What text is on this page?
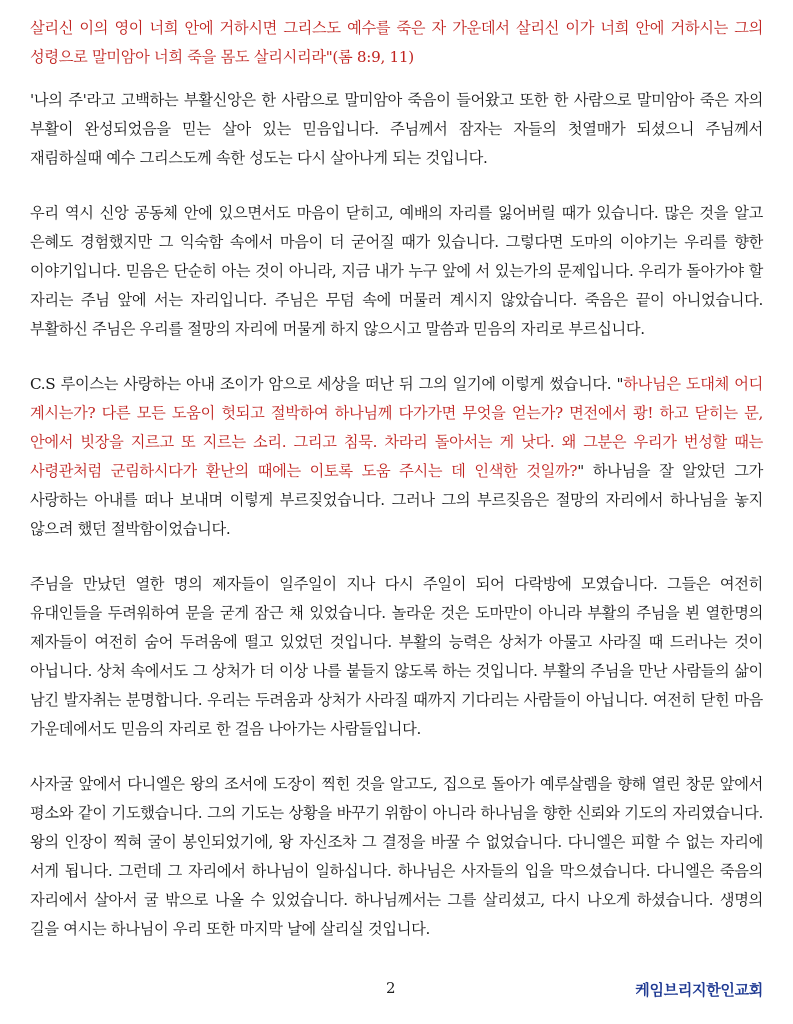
살리신 이의 영이 너희 안에 거하시면 그리스도 예수를 죽은 자 가운데서 살리신 이가 너희 안에 거하시는 그의 성령으로 말미암아 너희 죽을 몸도 살리시리라"(롬 8:9, 11)

'나의 주'라고 고백하는 부활신앙은 한 사람으로 말미암아 죽음이 들어왔고 또한 한 사람으로 말미암아 죽은 자의 부활이 완성되었음을 믿는 살아 있는 믿음입니다. 주님께서 잠자는 자들의 첫열매가 되셨으니 주님께서 재림하실때 예수 그리스도께 속한 성도는 다시 살아나게 되는 것입니다.

우리 역시 신앙 공동체 안에 있으면서도 마음이 닫히고, 예배의 자리를 잃어버릴 때가 있습니다. 많은 것을 알고 은혜도 경험했지만 그 익숙함 속에서 마음이 더 굳어질 때가 있습니다. 그렇다면 도마의 이야기는 우리를 향한 이야기입니다. 믿음은 단순히 아는 것이 아니라, 지금 내가 누구 앞에 서 있는가의 문제입니다. 우리가 돌아가야 할 자리는 주님 앞에 서는 자리입니다. 주님은 무덤 속에 머물러 계시지 않았습니다. 죽음은 끝이 아니었습니다. 부활하신 주님은 우리를 절망의 자리에 머물게 하지 않으시고 말씀과 믿음의 자리로 부르십니다.

C.S 루이스는 사랑하는 아내 조이가 암으로 세상을 떠난 뒤 그의 일기에 이렇게 썼습니다. "하나님은 도대체 어디 계시는가? 다른 모든 도움이 헛되고 절박하여 하나님께 다가가면 무엇을 얻는가? 면전에서 쾅! 하고 닫히는 문, 안에서 빗장을 지르고 또 지르는 소리. 그리고 침묵. 차라리 돌아서는 게 낫다. 왜 그분은 우리가 번성할 때는 사령관처럼 군림하시다가 환난의 때에는 이토록 도움 주시는 데 인색한 것일까?" 하나님을 잘 알았던 그가 사랑하는 아내를 떠나 보내며 이렇게 부르짖었습니다. 그러나 그의 부르짖음은 절망의 자리에서 하나님을 놓지 않으려 했던 절박함이었습니다.

주님을 만났던 열한 명의 제자들이 일주일이 지나 다시 주일이 되어 다락방에 모였습니다. 그들은 여전히 유대인들을 두려워하여 문을 굳게 잠근 채 있었습니다. 놀라운 것은 도마만이 아니라 부활의 주님을 뵌 열한명의 제자들이 여전히 숨어 두려움에 떨고 있었던 것입니다. 부활의 능력은 상처가 아물고 사라질 때 드러나는 것이 아닙니다. 상처 속에서도 그 상처가 더 이상 나를 붙들지 않도록 하는 것입니다. 부활의 주님을 만난 사람들의 삶이 남긴 발자취는 분명합니다. 우리는 두려움과 상처가 사라질 때까지 기다리는 사람들이 아닙니다. 여전히 닫힌 마음 가운데에서도 믿음의 자리로 한 걸음 나아가는 사람들입니다.

사자굴 앞에서 다니엘은 왕의 조서에 도장이 찍힌 것을 알고도, 집으로 돌아가 예루살렘을 향해 열린 창문 앞에서 평소와 같이 기도했습니다. 그의 기도는 상황을 바꾸기 위함이 아니라 하나님을 향한 신뢰와 기도의 자리였습니다. 왕의 인장이 찍혀 굴이 봉인되었기에, 왕 자신조차 그 결정을 바꿀 수 없었습니다. 다니엘은 피할 수 없는 자리에 서게 됩니다. 그런데 그 자리에서 하나님이 일하십니다. 하나님은 사자들의 입을 막으셨습니다. 다니엘은 죽음의 자리에서 살아서 굴 밖으로 나올 수 있었습니다. 하나님께서는 그를 살리셨고, 다시 나오게 하셨습니다. 생명의 길을 여시는 하나님이 우리 또한 마지막 날에 살리실 것입니다.

2	케임브리지한인교회
